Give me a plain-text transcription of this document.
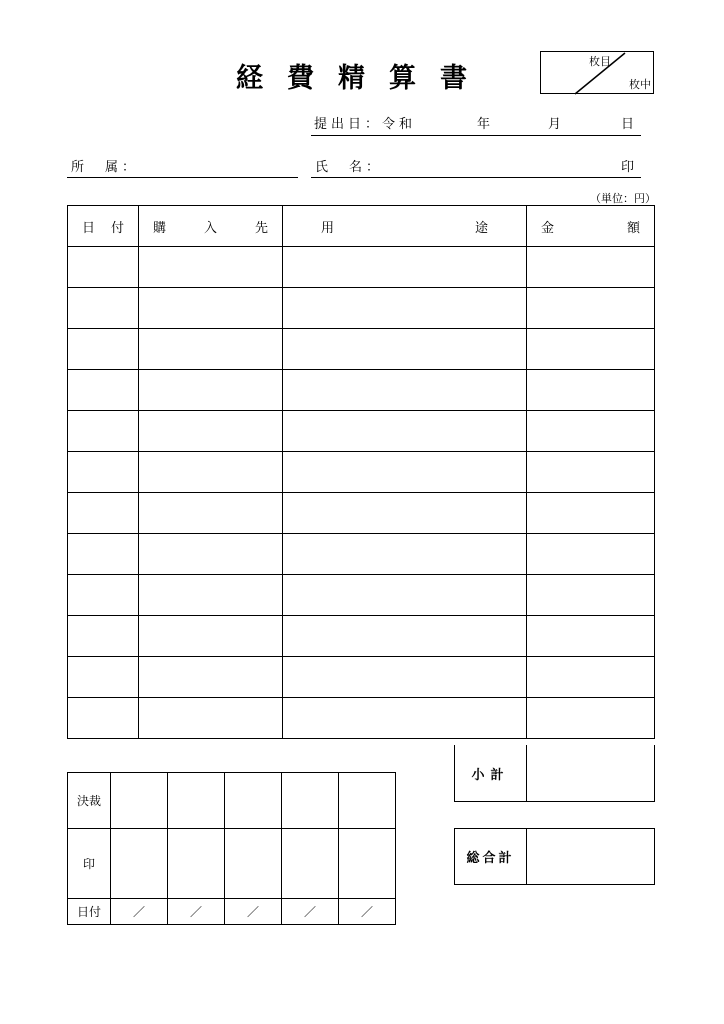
経費精算書
枚目
枚中
提出日：令和	年	月	日
所　属：	氏　名：	印
（単位：円）
日 付	購 入 先	用 途	金 額

小計
総合計
決裁					
印					
日付	／	／	／	／	／
